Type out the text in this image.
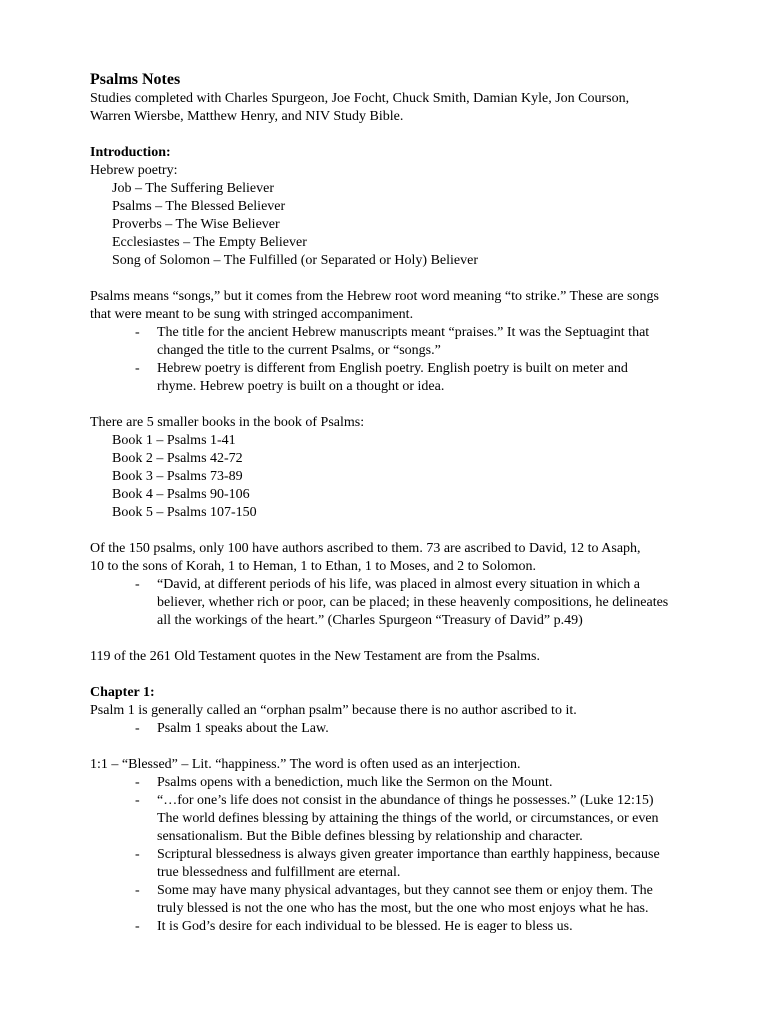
Psalms Notes
Studies completed with Charles Spurgeon, Joe Focht, Chuck Smith, Damian Kyle, Jon Courson,
Warren Wiersbe, Matthew Henry, and NIV Study Bible.
Introduction:
Hebrew poetry:
Job – The Suffering Believer
Psalms – The Blessed Believer
Proverbs – The Wise Believer
Ecclesiastes – The Empty Believer
Song of Solomon – The Fulfilled (or Separated or Holy) Believer
Psalms means “songs,” but it comes from the Hebrew root word meaning “to strike.” These are songs
that were meant to be sung with stringed accompaniment.
- The title for the ancient Hebrew manuscripts meant “praises.” It was the Septuagint that
changed the title to the current Psalms, or “songs.”
- Hebrew poetry is different from English poetry. English poetry is built on meter and
rhyme. Hebrew poetry is built on a thought or idea.
There are 5 smaller books in the book of Psalms:
Book 1 – Psalms 1-41
Book 2 – Psalms 42-72
Book 3 – Psalms 73-89
Book 4 – Psalms 90-106
Book 5 – Psalms 107-150
Of the 150 psalms, only 100 have authors ascribed to them. 73 are ascribed to David, 12 to Asaph,
10 to the sons of Korah, 1 to Heman, 1 to Ethan, 1 to Moses, and 2 to Solomon.
- “David, at different periods of his life, was placed in almost every situation in which a
believer, whether rich or poor, can be placed; in these heavenly compositions, he delineates
all the workings of the heart.” (Charles Spurgeon “Treasury of David” p.49)
119 of the 261 Old Testament quotes in the New Testament are from the Psalms.
Chapter 1:
Psalm 1 is generally called an “orphan psalm” because there is no author ascribed to it.
- Psalm 1 speaks about the Law.
1:1 – “Blessed” – Lit. “happiness.” The word is often used as an interjection.
- Psalms opens with a benediction, much like the Sermon on the Mount.
- “…for one’s life does not consist in the abundance of things he possesses.” (Luke 12:15)
The world defines blessing by attaining the things of the world, or circumstances, or even
sensationalism. But the Bible defines blessing by relationship and character.
- Scriptural blessedness is always given greater importance than earthly happiness, because
true blessedness and fulfillment are eternal.
- Some may have many physical advantages, but they cannot see them or enjoy them. The
truly blessed is not the one who has the most, but the one who most enjoys what he has.
- It is God’s desire for each individual to be blessed. He is eager to bless us.
